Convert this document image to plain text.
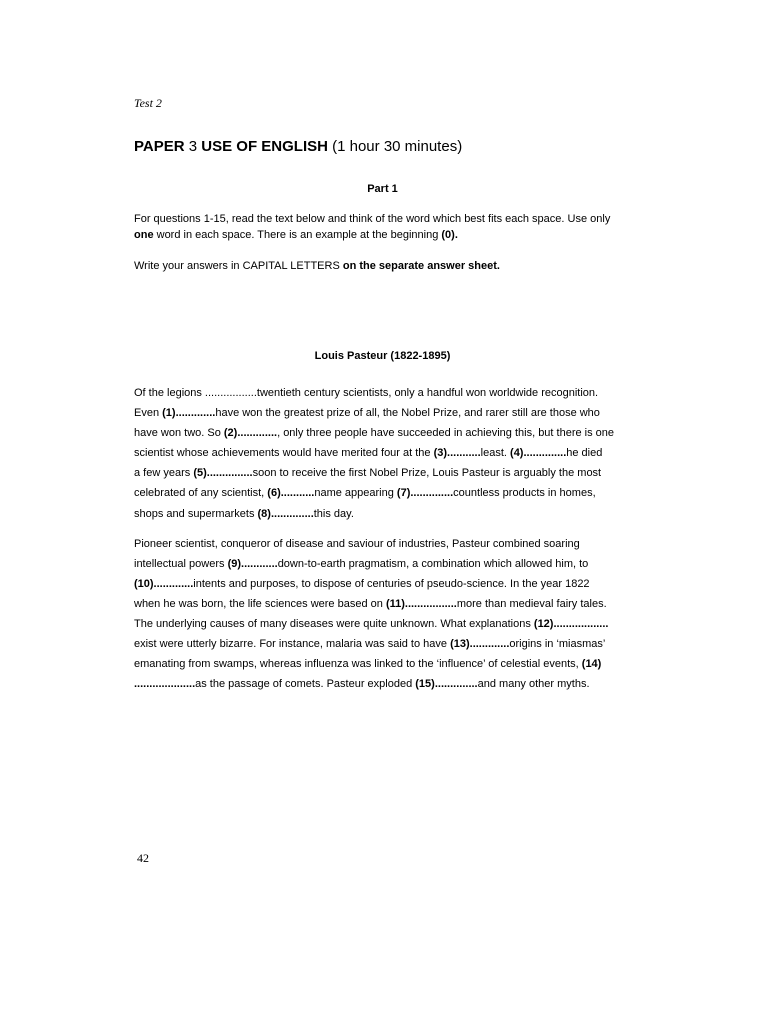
Test 2
PAPER 3 USE OF ENGLISH (1 hour 30 minutes)
Part 1

For questions 1-15, read the text below and think of the word which best fits each space. Use only one word in each space. There is an example at the beginning (0).

Write your answers in CAPITAL LETTERS on the separate answer sheet.

Louis Pasteur (1822-1895)

Of the legions .................twentieth century scientists, only a handful won worldwide recognition.

Even (1).............have won the greatest prize of all, the Nobel Prize, and rarer still are those who

have won two. So (2)............., only three people have succeeded in achieving this, but there is one

scientist whose achievements would have merited four at the (3)...........least. (4)..............he died

a few years (5)...............soon to receive the first Nobel Prize, Louis Pasteur is arguably the most

celebrated of any scientist, (6)...........name appearing (7)..............countless products in homes,

shops and supermarkets (8)..............this day.

Pioneer scientist, conqueror of disease and saviour of industries, Pasteur combined soaring

intellectual powers (9)............down-to-earth pragmatism, a combination which allowed him, to

(10).............intents and purposes, to dispose of centuries of pseudo-science. In the year 1822

when he was born, the life sciences were based on (11).................more than medieval fairy tales.

The underlying causes of many diseases were quite unknown. What explanations (12)..................

exist were utterly bizarre. For instance, malaria was said to have (13).............origins in ‘miasmas’

emanating from swamps, whereas influenza was linked to the ‘influence’ of celestial events, (14)

....................as the passage of comets. Pasteur exploded (15)..............and many other myths.

42
